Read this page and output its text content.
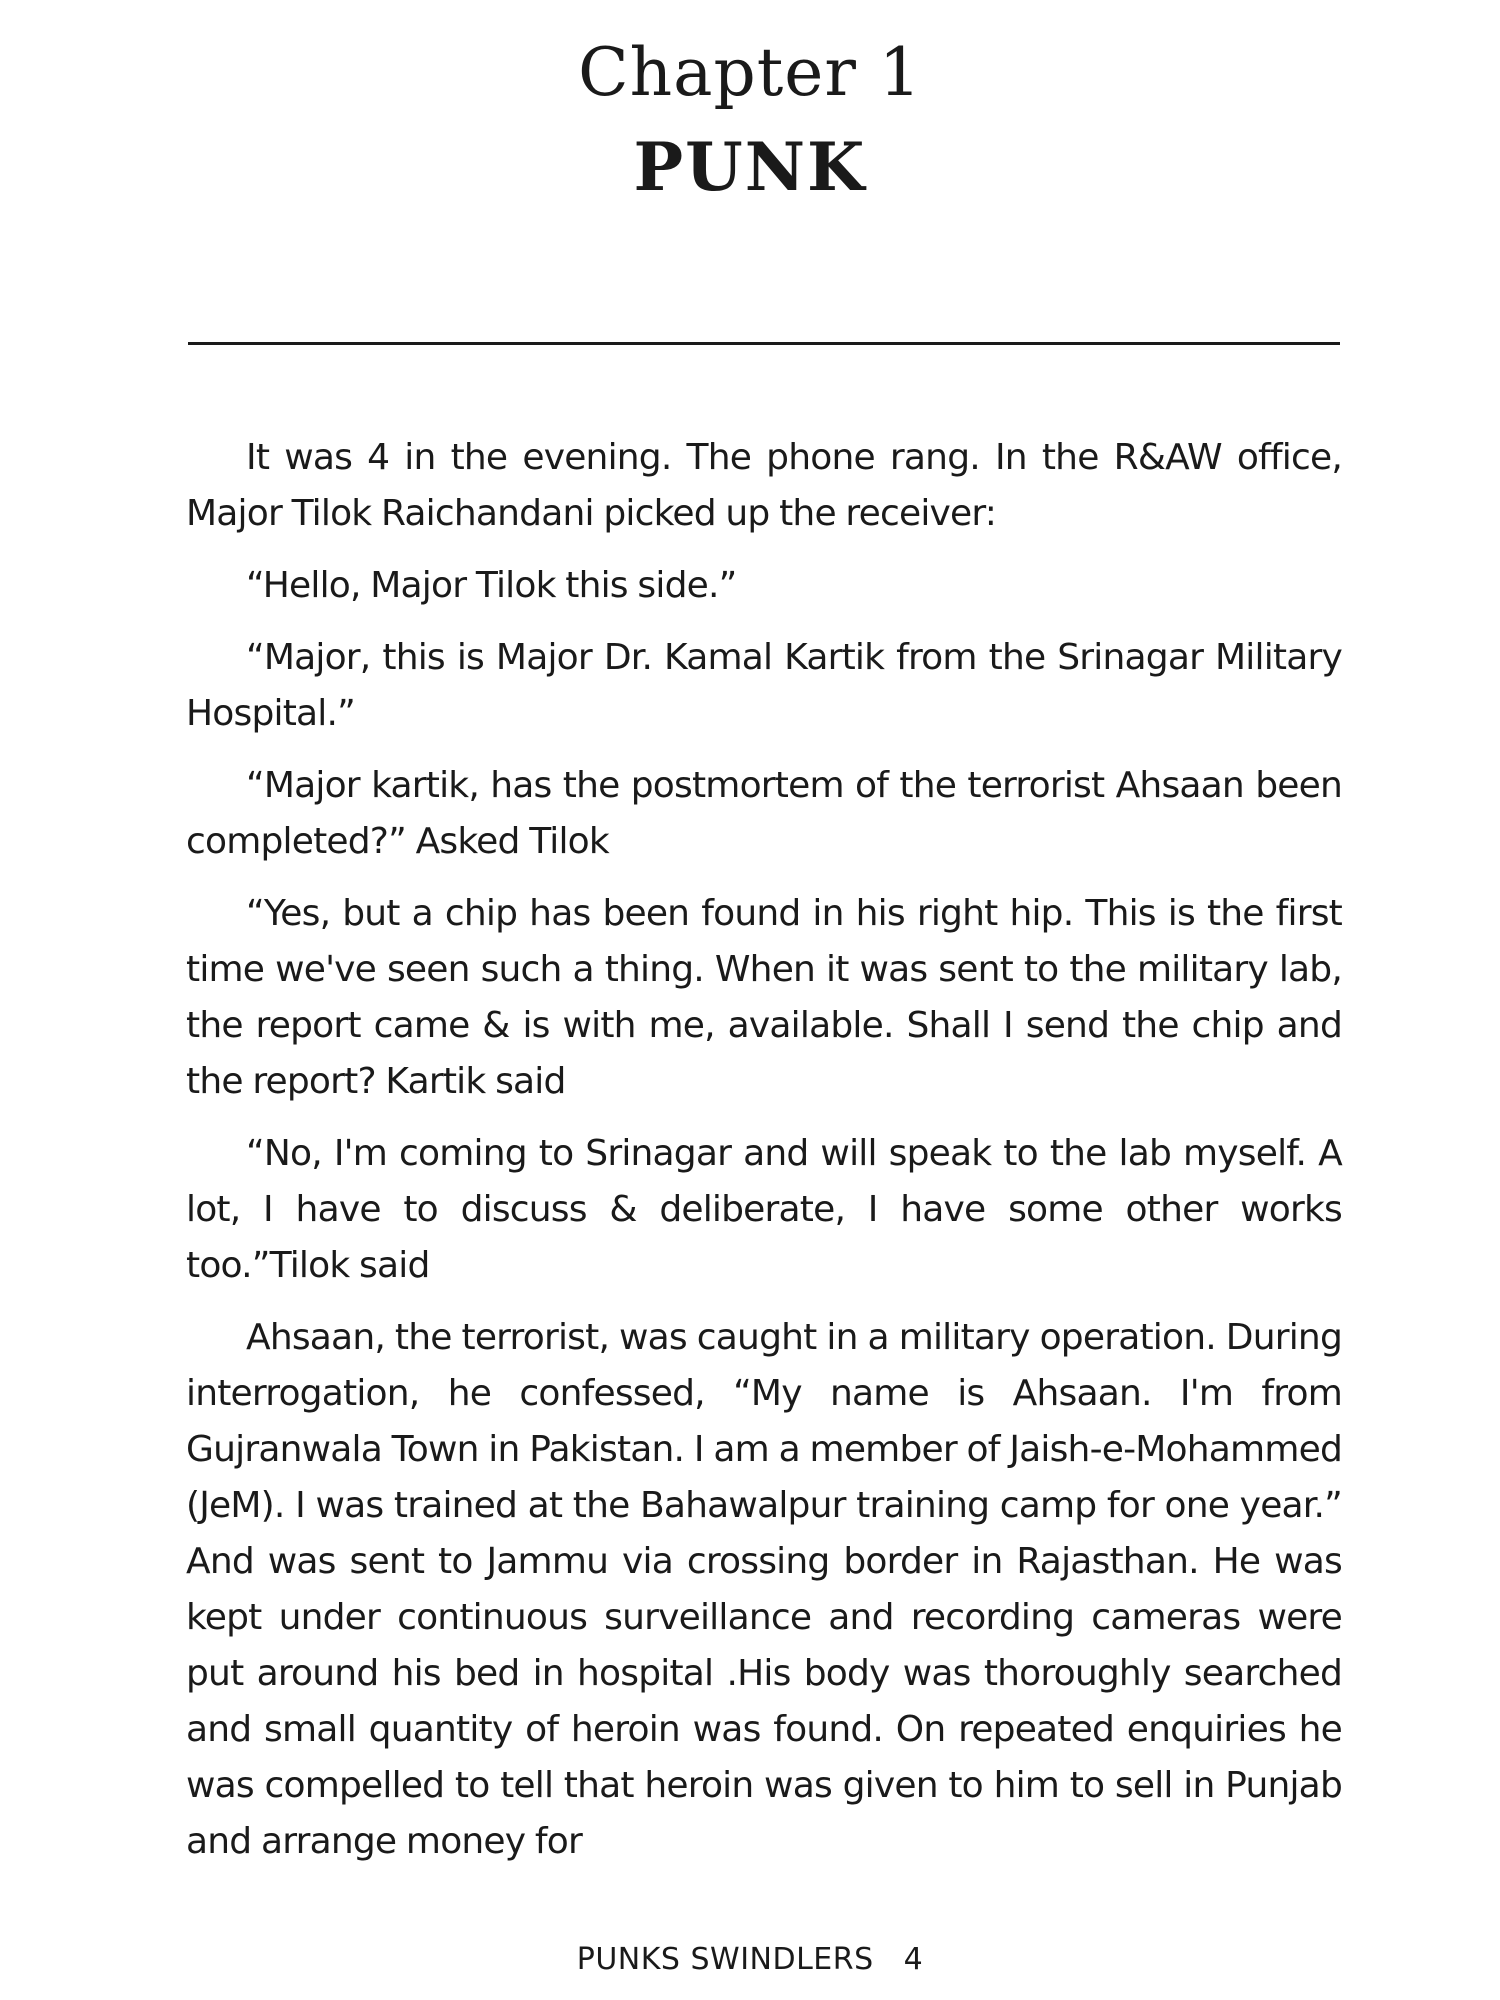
Chapter 1
PUNK

It was 4 in the evening. The phone rang. In the R&AW office, Major Tilok Raichandani picked up the receiver:

“Hello, Major Tilok this side.”

“Major, this is Major Dr. Kamal Kartik from the Srinagar Military Hospital.”

“Major kartik, has the postmortem of the terrorist Ahsaan been completed?” Asked Tilok

“Yes, but a chip has been found in his right hip. This is the first time we've seen such a thing. When it was sent to the military lab, the report came & is with me, available. Shall I send the chip and the report? Kartik said

“No, I'm coming to Srinagar and will speak to the lab myself. A lot, I have to discuss & deliberate, I have some other works too.”Tilok said

Ahsaan, the terrorist, was caught in a military operation. During interrogation, he confessed, “My name is Ahsaan. I'm from Gujranwala Town in Pakistan. I am a member of Jaish-e-Mohammed (JeM). I was trained at the Bahawalpur training camp for one year.” And was sent to Jammu via crossing border in Rajasthan. He was kept under continuous surveillance and recording cameras were put around his bed in hospital .His body was thoroughly searched and small quantity of heroin was found. On repeated enquiries he was compelled to tell that heroin was given to him to sell in Punjab and arrange money for

PUNKS SWINDLERS 4
